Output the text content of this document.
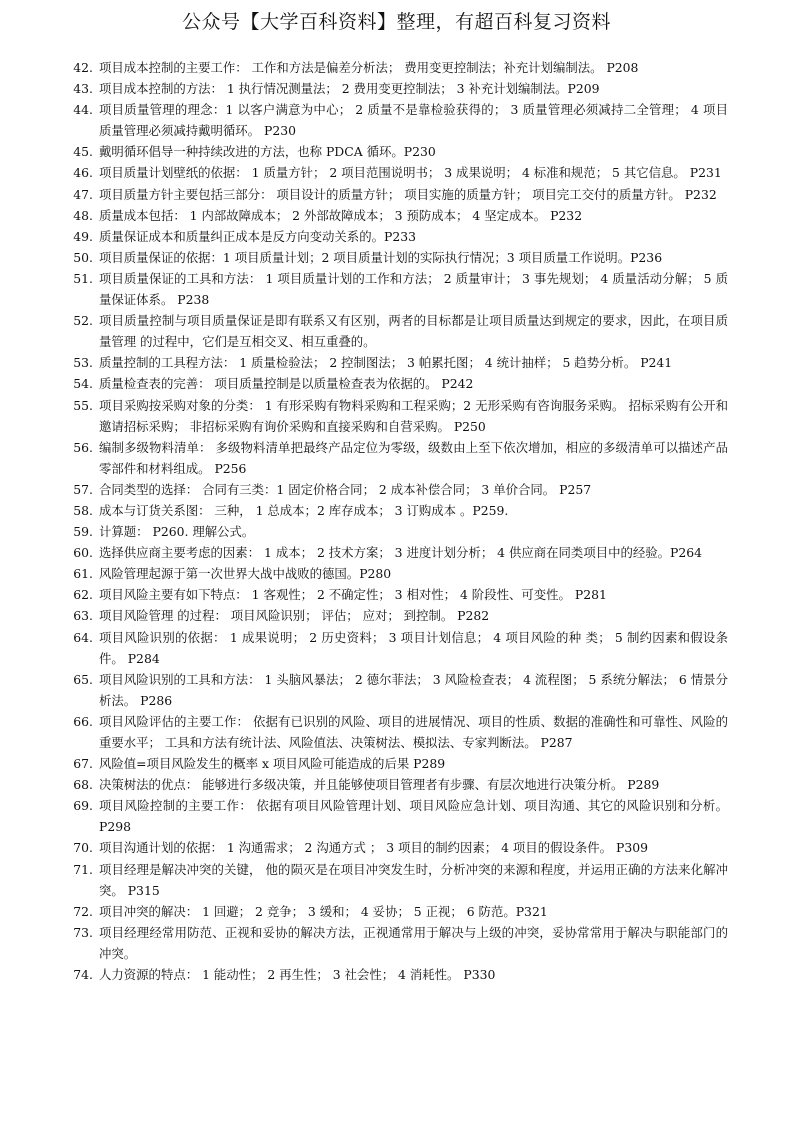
公众号【大学百科资料】整理，有超百科复习资料
42. 项目成本控制的主要工作： 工作和方法是偏差分析法； 费用变更控制法；补充计划编制法。 P208
43. 项目成本控制的方法： 1 执行情况测量法； 2 费用变更控制法； 3 补充计划编制法。P209
44. 项目质量管理的理念：1 以客户满意为中心； 2 质量不是靠检验获得的； 3 质量管理必须减持二全管理； 4 项目质量管理必须减持戴明循环。 P230
45. 戴明循环倡导一种持续改进的方法，也称 PDCA 循环。P230
46. 项目质量计划壁纸的依据： 1 质量方针； 2 项目范围说明书； 3 成果说明； 4 标准和规范； 5 其它信息。 P231
47. 项目质量方针主要包括三部分： 项目设计的质量方针； 项目实施的质量方针； 项目完工交付的质量方针。 P232
48. 质量成本包括： 1 内部故障成本； 2 外部故障成本； 3 预防成本； 4 坚定成本。 P232
49. 质量保证成本和质量纠正成本是反方向变动关系的。P233
50. 项目质量保证的依据：1 项目质量计划；2 项目质量计划的实际执行情况；3 项目质量工作说明。P236
51. 项目质量保证的工具和方法： 1 项目质量计划的工作和方法； 2 质量审计； 3 事先规划； 4 质量活动分解； 5 质量保证体系。 P238
52. 项目质量控制与项目质量保证是即有联系又有区别，两者的目标都是让项目质量达到规定的要求，因此，在项目质量管理 的过程中，它们是互相交叉、相互重叠的。
53. 质量控制的工具程方法： 1 质量检验法； 2 控制图法； 3 帕累托图； 4 统计抽样； 5 趋势分析。 P241
54. 质量检查表的完善： 项目质量控制是以质量检查表为依据的。 P242
55. 项目采购按采购对象的分类： 1 有形采购有物料采购和工程采购；2 无形采购有咨询服务采购。 招标采购有公开和邀请招标采购； 非招标采购有询价采购和直接采购和自营采购。 P250
56. 编制多级物料清单： 多级物料清单把最终产品定位为零级，级数由上至下依次增加，相应的多级清单可以描述产品零部件和材料组成。 P256
57. 合同类型的选择： 合同有三类：1 固定价格合同； 2 成本补偿合同； 3 单价合同。 P257
58. 成本与订货关系图： 三种， 1 总成本；2 库存成本； 3 订购成本 。P259.
59. 计算题： P260. 理解公式。
60. 选择供应商主要考虑的因素： 1 成本； 2 技术方案； 3 进度计划分析； 4 供应商在同类项目中的经验。P264
61. 风险管理起源于第一次世界大战中战败的德国。P280
62. 项目风险主要有如下特点： 1 客观性； 2 不确定性； 3 相对性； 4 阶段性、可变性。 P281
63. 项目风险管理 的过程： 项目风险识别； 评估； 应对； 到控制。 P282
64. 项目风险识别的依据： 1 成果说明； 2 历史资料； 3 项目计划信息； 4 项目风险的种 类； 5 制约因素和假设条件。 P284
65. 项目风险识别的工具和方法： 1 头脑风暴法； 2 德尔菲法； 3 风险检查表； 4 流程图； 5 系统分解法； 6 情景分析法。 P286
66. 项目风险评估的主要工作： 依据有已识别的风险、项目的进展情况、项目的性质、数据的准确性和可靠性、风险的重要水平； 工具和方法有统计法、风险值法、决策树法、模拟法、专家判断法。 P287
67. 风险值=项目风险发生的概率 x 项目风险可能造成的后果 P289
68. 决策树法的优点： 能够进行多级决策，并且能够使项目管理者有步骤、有层次地进行决策分析。 P289
69. 项目风险控制的主要工作： 依据有项目风险管理计划、项目风险应急计划、项目沟通、其它的风险识别和分析。 P298
70. 项目沟通计划的依据： 1 沟通需求； 2 沟通方式 ； 3 项目的制约因素； 4 项目的假设条件。 P309
71. 项目经理是解决冲突的关键， 他的陨灭是在项目冲突发生时，分析冲突的来源和程度，并运用正确的方法来化解冲突。 P315
72. 项目冲突的解决： 1 回避； 2 竞争； 3 缓和； 4 妥协； 5 正视； 6 防范。P321
73. 项目经理经常用防范、正视和妥协的解决方法，正视通常用于解决与上级的冲突，妥协常常用于解决与职能部门的冲突。
74. 人力资源的特点： 1 能动性； 2 再生性； 3 社会性； 4 消耗性。 P330
